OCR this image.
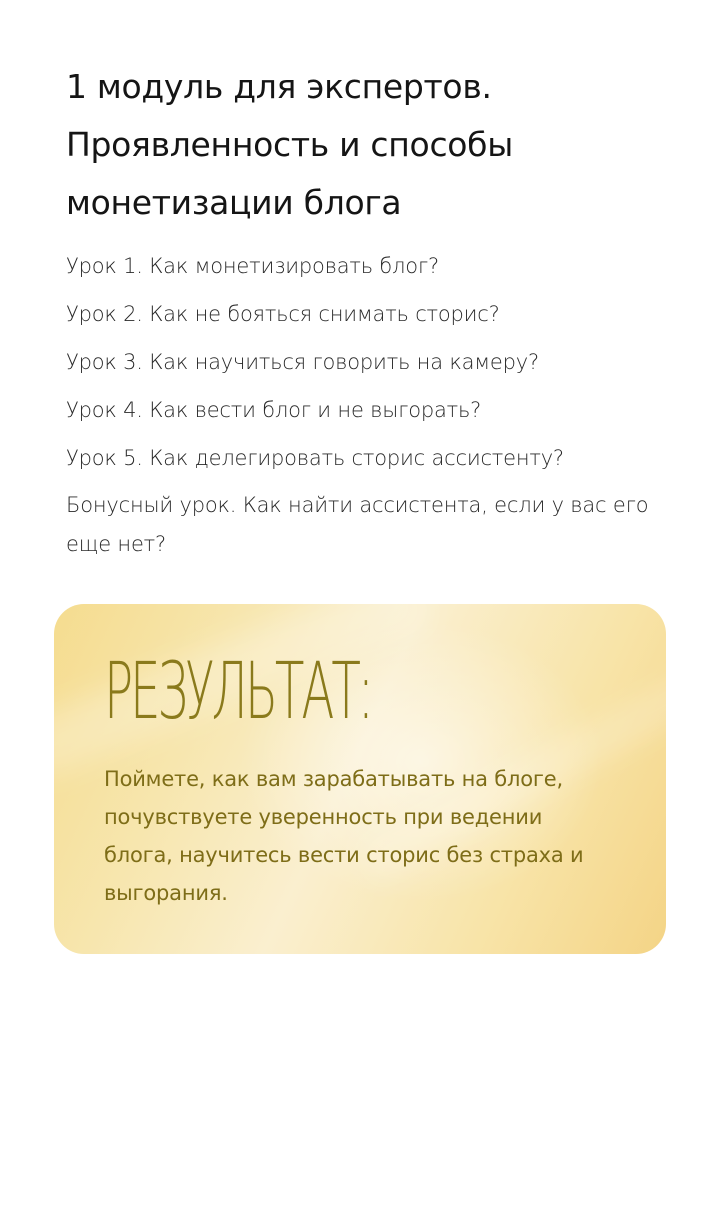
1 модуль для экспертов. Проявленность и способы монетизации блога
Урок 1. Как монетизировать блог?
Урок 2. Как не бояться снимать сторис?
Урок 3. Как научиться говорить на камеру?
Урок 4. Как вести блог и не выгорать?
Урок 5. Как делегировать сторис ассистенту?
Бонусный урок. Как найти ассистента, если у вас его еще нет?
РЕЗУЛЬТАТ:

Поймете, как вам зарабатывать на блоге, почувствуете уверенность при ведении блога, научитесь вести сторис без страха и выгорания.
